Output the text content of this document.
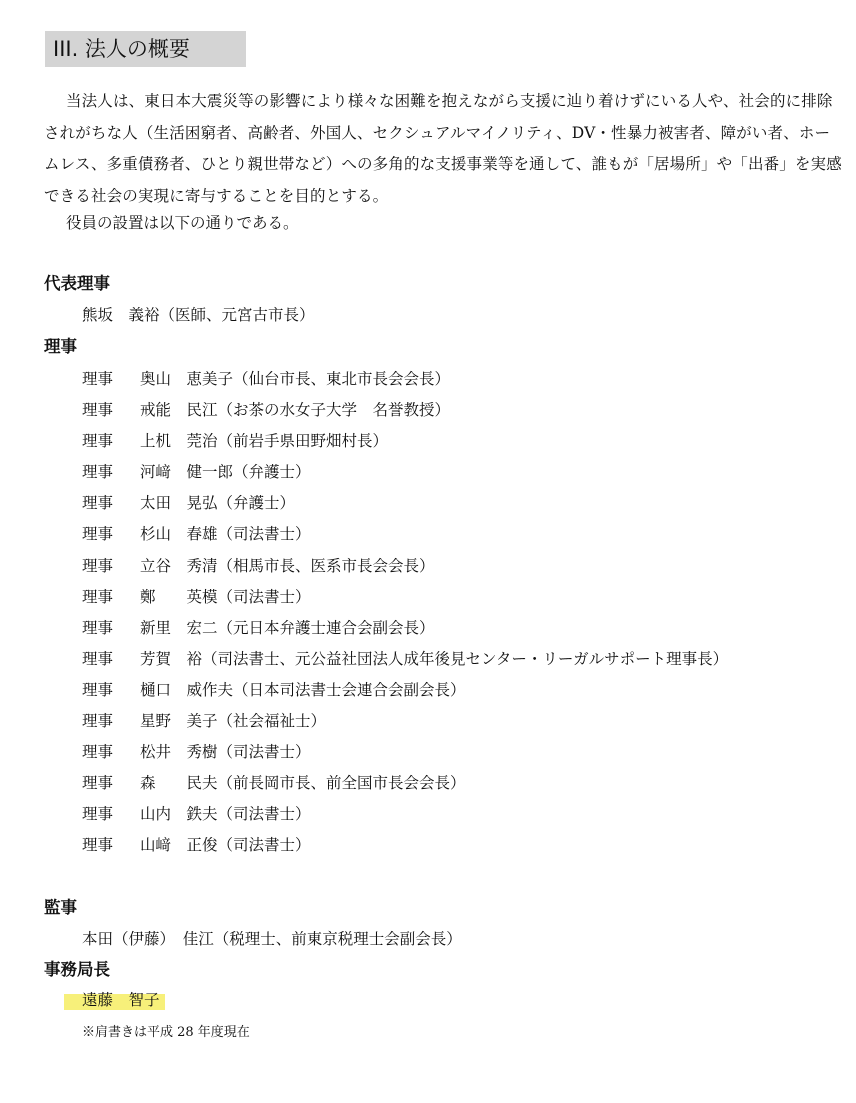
III. 法人の概要

当法人は、東日本大震災等の影響により様々な困難を抱えながら支援に辿り着けずにいる人や、社会的に排除されがちな人（生活困窮者、高齢者、外国人、セクシュアルマイノリティ、DV・性暴力被害者、障がい者、ホームレス、多重債務者、ひとり親世帯など）への多角的な支援事業等を通して、誰もが「居場所」や「出番」を実感できる社会の実現に寄与することを目的とする。

役員の設置は以下の通りである。

代表理事
熊坂　義裕（医師、元宮古市長）
理事
理事 奥山　恵美子（仙台市長、東北市長会会長）
理事 戒能　民江（お茶の水女子大学　名誉教授）
理事 上机　莞治（前岩手県田野畑村長）
理事 河﨑　健一郎（弁護士）
理事 太田　晃弘（弁護士）
理事 杉山　春雄（司法書士）
理事 立谷　秀清（相馬市長、医系市長会会長）
理事 鄭　　英模（司法書士）
理事 新里　宏二（元日本弁護士連合会副会長）
理事 芳賀　裕（司法書士、元公益社団法人成年後見センター・リーガルサポート理事長）
理事 樋口　威作夫（日本司法書士会連合会副会長）
理事 星野　美子（社会福祉士）
理事 松井　秀樹（司法書士）
理事 森　　民夫（前長岡市長、前全国市長会会長）
理事 山内　鉄夫（司法書士）
理事 山﨑　正俊（司法書士）
監事
本田（伊藤）　佳江（税理士、前東京税理士会副会長）
事務局長
遠藤　智子
※肩書きは平成 28 年度現在
